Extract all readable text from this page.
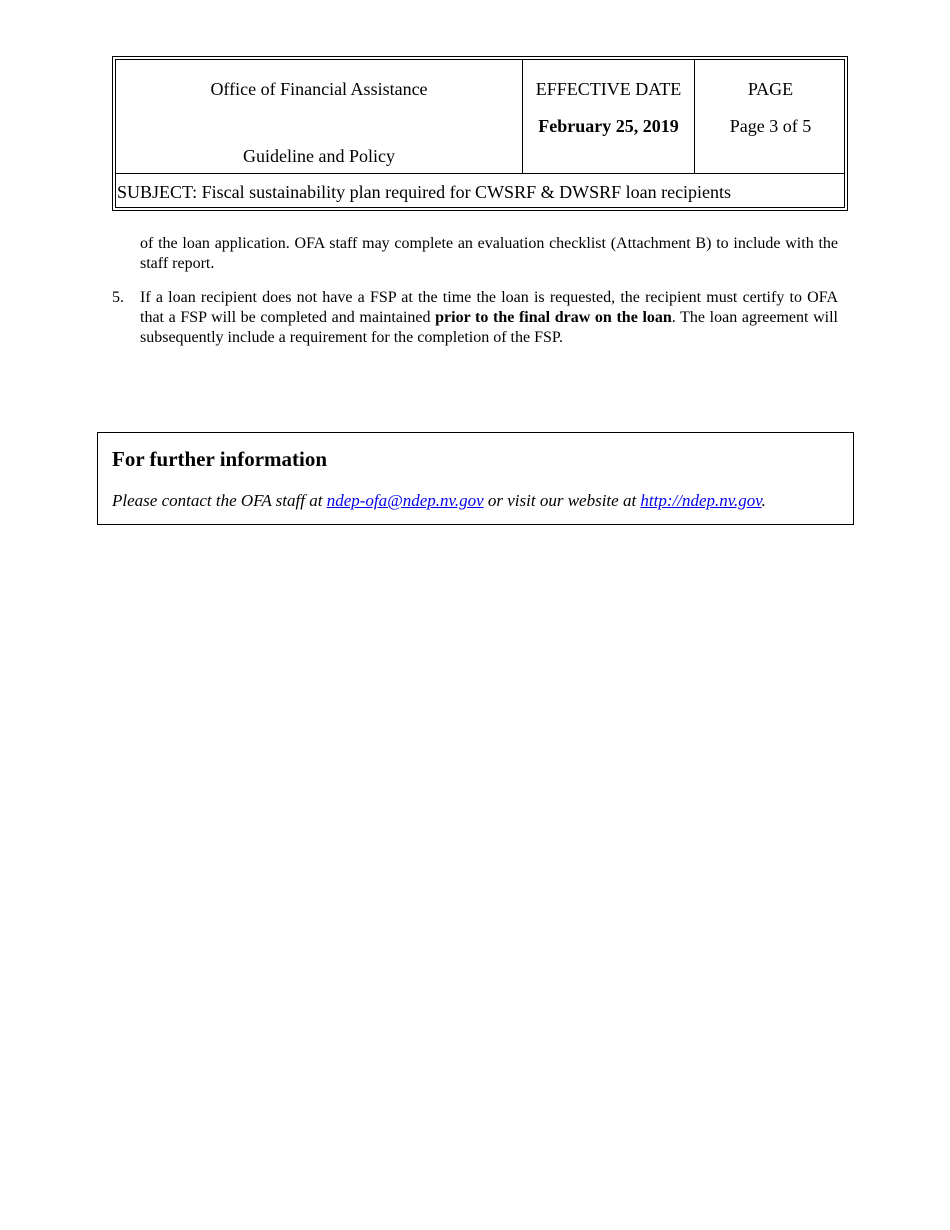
Office of Financial Assistance
Guideline and Policy
EFFECTIVE DATE
February 25, 2019
PAGE
Page 3 of 5
SUBJECT: Fiscal sustainability plan required for CWSRF & DWSRF loan recipients
of the loan application. OFA staff may complete an evaluation checklist (Attachment B) to include with the staff report.
5. If a loan recipient does not have a FSP at the time the loan is requested, the recipient must certify to OFA that a FSP will be completed and maintained prior to the final draw on the loan. The loan agreement will subsequently include a requirement for the completion of the FSP.
For further information
Please contact the OFA staff at ndep-ofa@ndep.nv.gov or visit our website at http://ndep.nv.gov.
